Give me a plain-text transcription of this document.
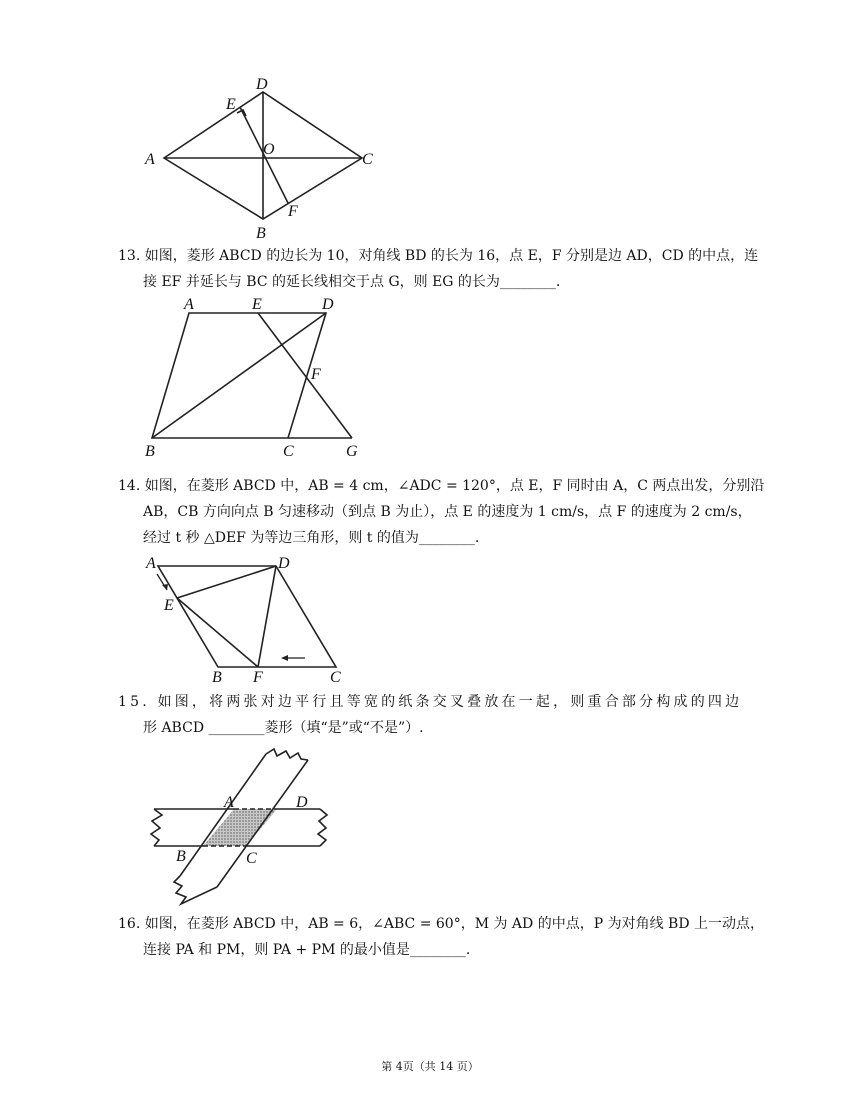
A
D
E
O
C
F
B
13. 如图，菱形 ABCD 的边长为 10，对角线 BD 的长为 16，点 E，F 分别是边 AD，CD 的中点，连
接 EF 并延长与 BC 的延长线相交于点 G，则 EG 的长为________.
A	E	D
F
B	C	G
14. 如图，在菱形 ABCD 中，AB = 4 cm，∠ADC = 120°，点 E，F 同时由 A，C 两点出发，分别沿
AB，CB 方向向点 B 匀速移动（到点 B 为止），点 E 的速度为 1 cm/s，点 F 的速度为 2 cm/s，
经过 t 秒 △DEF 为等边三角形，则 t 的值为________.
A	D
E
B F	C
15. 如图，将两张对边平行且等宽的纸条交叉叠放在一起，则重合部分构成的四边
形 ABCD ________菱形（填“是”或“不是”）.
A	D
B	C
16. 如图，在菱形 ABCD 中，AB = 6，∠ABC = 60°，M 为 AD 的中点，P 为对角线 BD 上一动点，
连接 PA 和 PM，则 PA + PM 的最小值是________.
第 4页（共 14 页）
